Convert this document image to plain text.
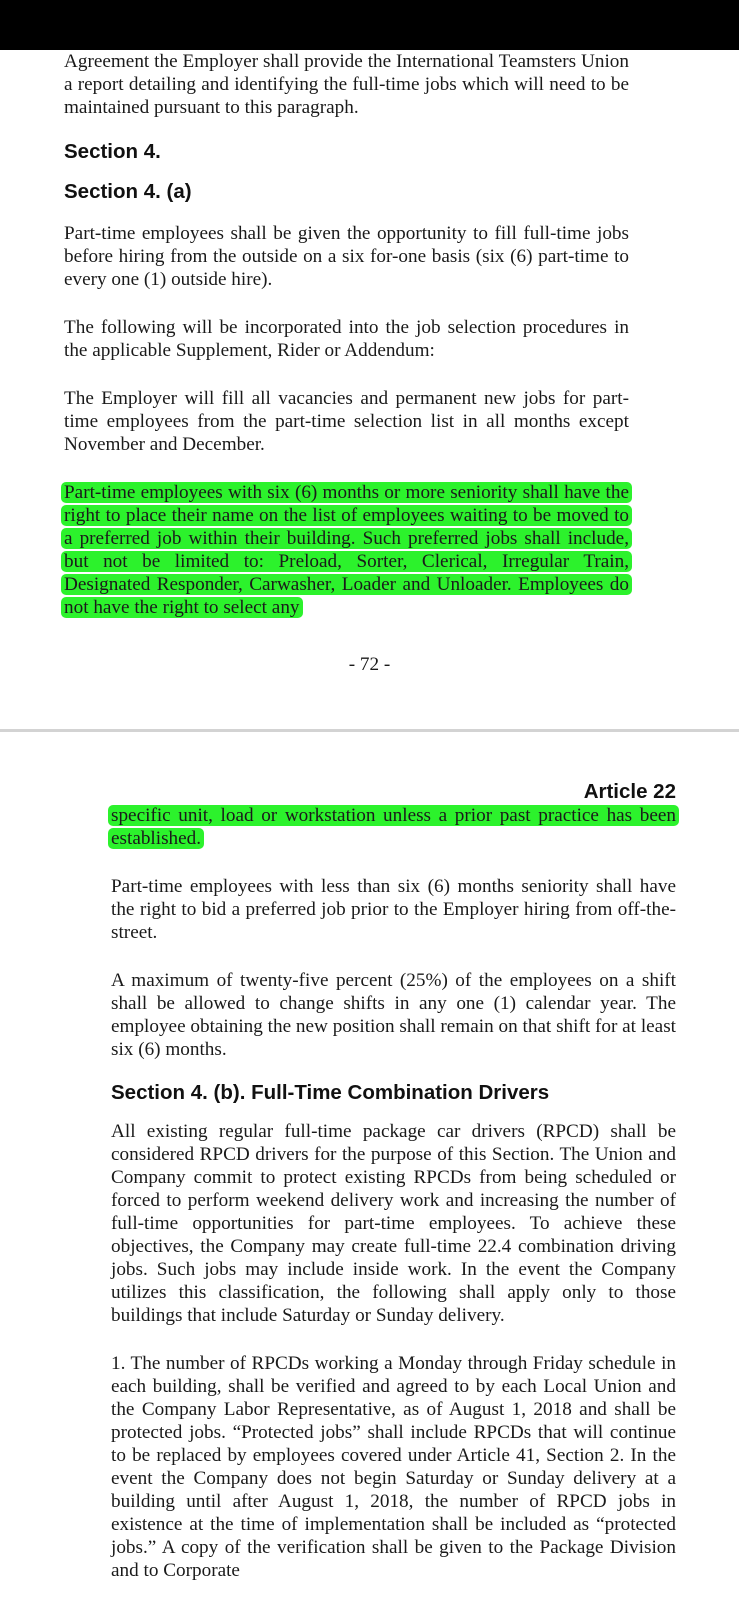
Agreement the Employer shall provide the International Teamsters Union a report detailing and identifying the full-time jobs which will need to be maintained pursuant to this paragraph.

Section 4.
Section 4. (a)

Part-time employees shall be given the opportunity to fill full-time jobs before hiring from the outside on a six for-one basis (six (6) part-time to every one (1) outside hire).

The following will be incorporated into the job selection procedures in the applicable Supplement, Rider or Addendum:

The Employer will fill all vacancies and permanent new jobs for part-time employees from the part-time selection list in all months except November and December.

Part-time employees with six (6) months or more seniority shall have the right to place their name on the list of employees waiting to be moved to a preferred job within their building. Such preferred jobs shall include, but not be limited to: Preload, Sorter, Clerical, Irregular Train, Designated Responder, Carwasher, Loader and Unloader. Employees do not have the right to select any

- 72 -
Article 22

specific unit, load or workstation unless a prior past practice has been established.

Part-time employees with less than six (6) months seniority shall have the right to bid a preferred job prior to the Employer hiring from off-the-street.

A maximum of twenty-five percent (25%) of the employees on a shift shall be allowed to change shifts in any one (1) calendar year. The employee obtaining the new position shall remain on that shift for at least six (6) months.

Section 4. (b). Full-Time Combination Drivers

All existing regular full-time package car drivers (RPCD) shall be considered RPCD drivers for the purpose of this Section. The Union and Company commit to protect existing RPCDs from being scheduled or forced to perform weekend delivery work and increasing the number of full-time opportunities for part-time employees. To achieve these objectives, the Company may create full-time 22.4 combination driving jobs. Such jobs may include inside work. In the event the Company utilizes this classification, the following shall apply only to those buildings that include Saturday or Sunday delivery.

1. The number of RPCDs working a Monday through Friday schedule in each building, shall be verified and agreed to by each Local Union and the Company Labor Representative, as of August 1, 2018 and shall be protected jobs. “Protected jobs” shall include RPCDs that will continue to be replaced by employees covered under Article 41, Section 2. In the event the Company does not begin Saturday or Sunday delivery at a building until after August 1, 2018, the number of RPCD jobs in existence at the time of implementation shall be included as “protected jobs.” A copy of the verification shall be given to the Package Division and to Corporate
